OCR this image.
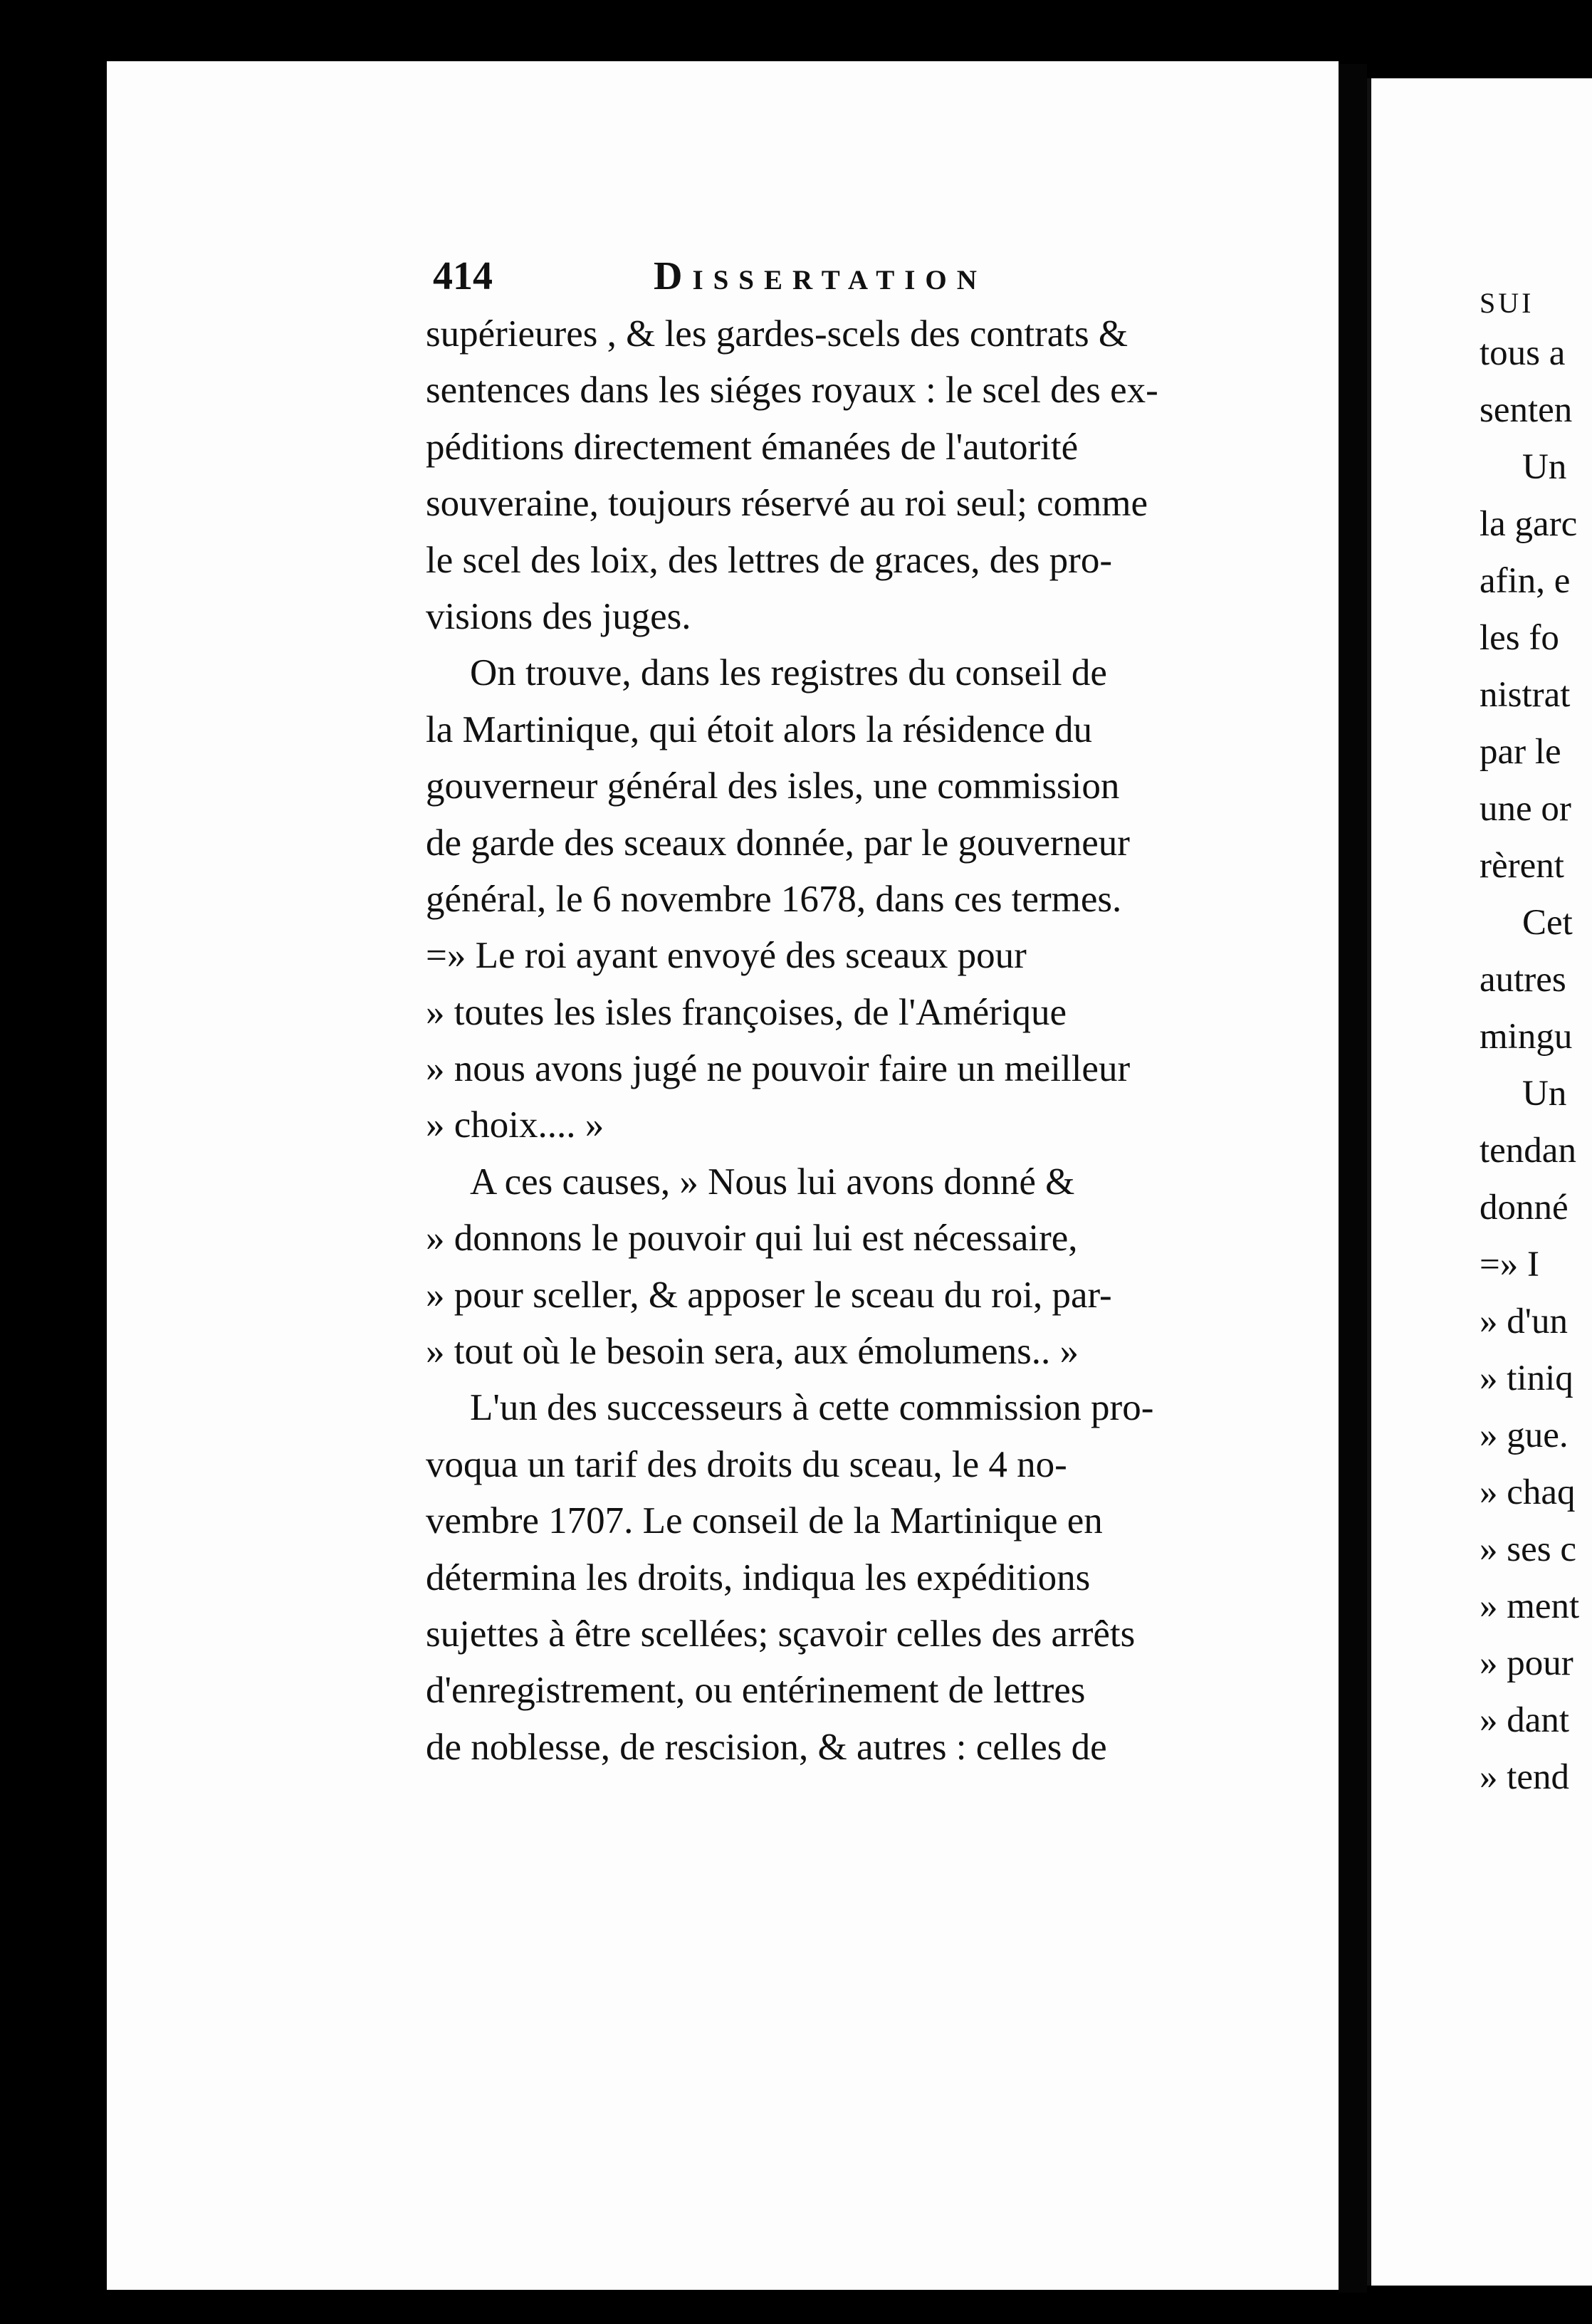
414	Dissertation
supérieures , & les gardes-scels des contrats &
sentences dans les siéges royaux : le scel des ex-
péditions directement émanées de l'autorité
souveraine, toujours réservé au roi seul; comme
le scel des loix, des lettres de graces, des pro-
visions des juges.
On trouve, dans les registres du conseil de
la Martinique, qui étoit alors la résidence du
gouverneur général des isles, une commission
de garde des sceaux donnée, par le gouverneur
général, le 6 novembre 1678, dans ces termes.
=» Le roi ayant envoyé des sceaux pour
» toutes les isles françoises, de l'Amérique
» nous avons jugé ne pouvoir faire un meilleur
» choix.... »
A ces causes, » Nous lui avons donné &
» donnons le pouvoir qui lui est nécessaire,
» pour sceller, & apposer le sceau du roi, par-
» tout où le besoin sera, aux émolumens.. »
L'un des successeurs à cette commission pro-
voqua un tarif des droits du sceau, le 4 no-
vembre 1707. Le conseil de la Martinique en
détermina les droits, indiqua les expéditions
sujettes à être scellées; sçavoir celles des arrêts
d'enregistrement, ou entérinement de lettres
de noblesse, de rescision, & autres : celles de
SUI
tous a
senten
Un
la garc
afin, e
les fo
nistrat
par le
une or
rèrent
Cet
autres
mingu
Un
tendan
donné
=» I
» d'un
» tiniq
» gue.
» chaq
» ses c
» ment
» pour
» dant
» tend
